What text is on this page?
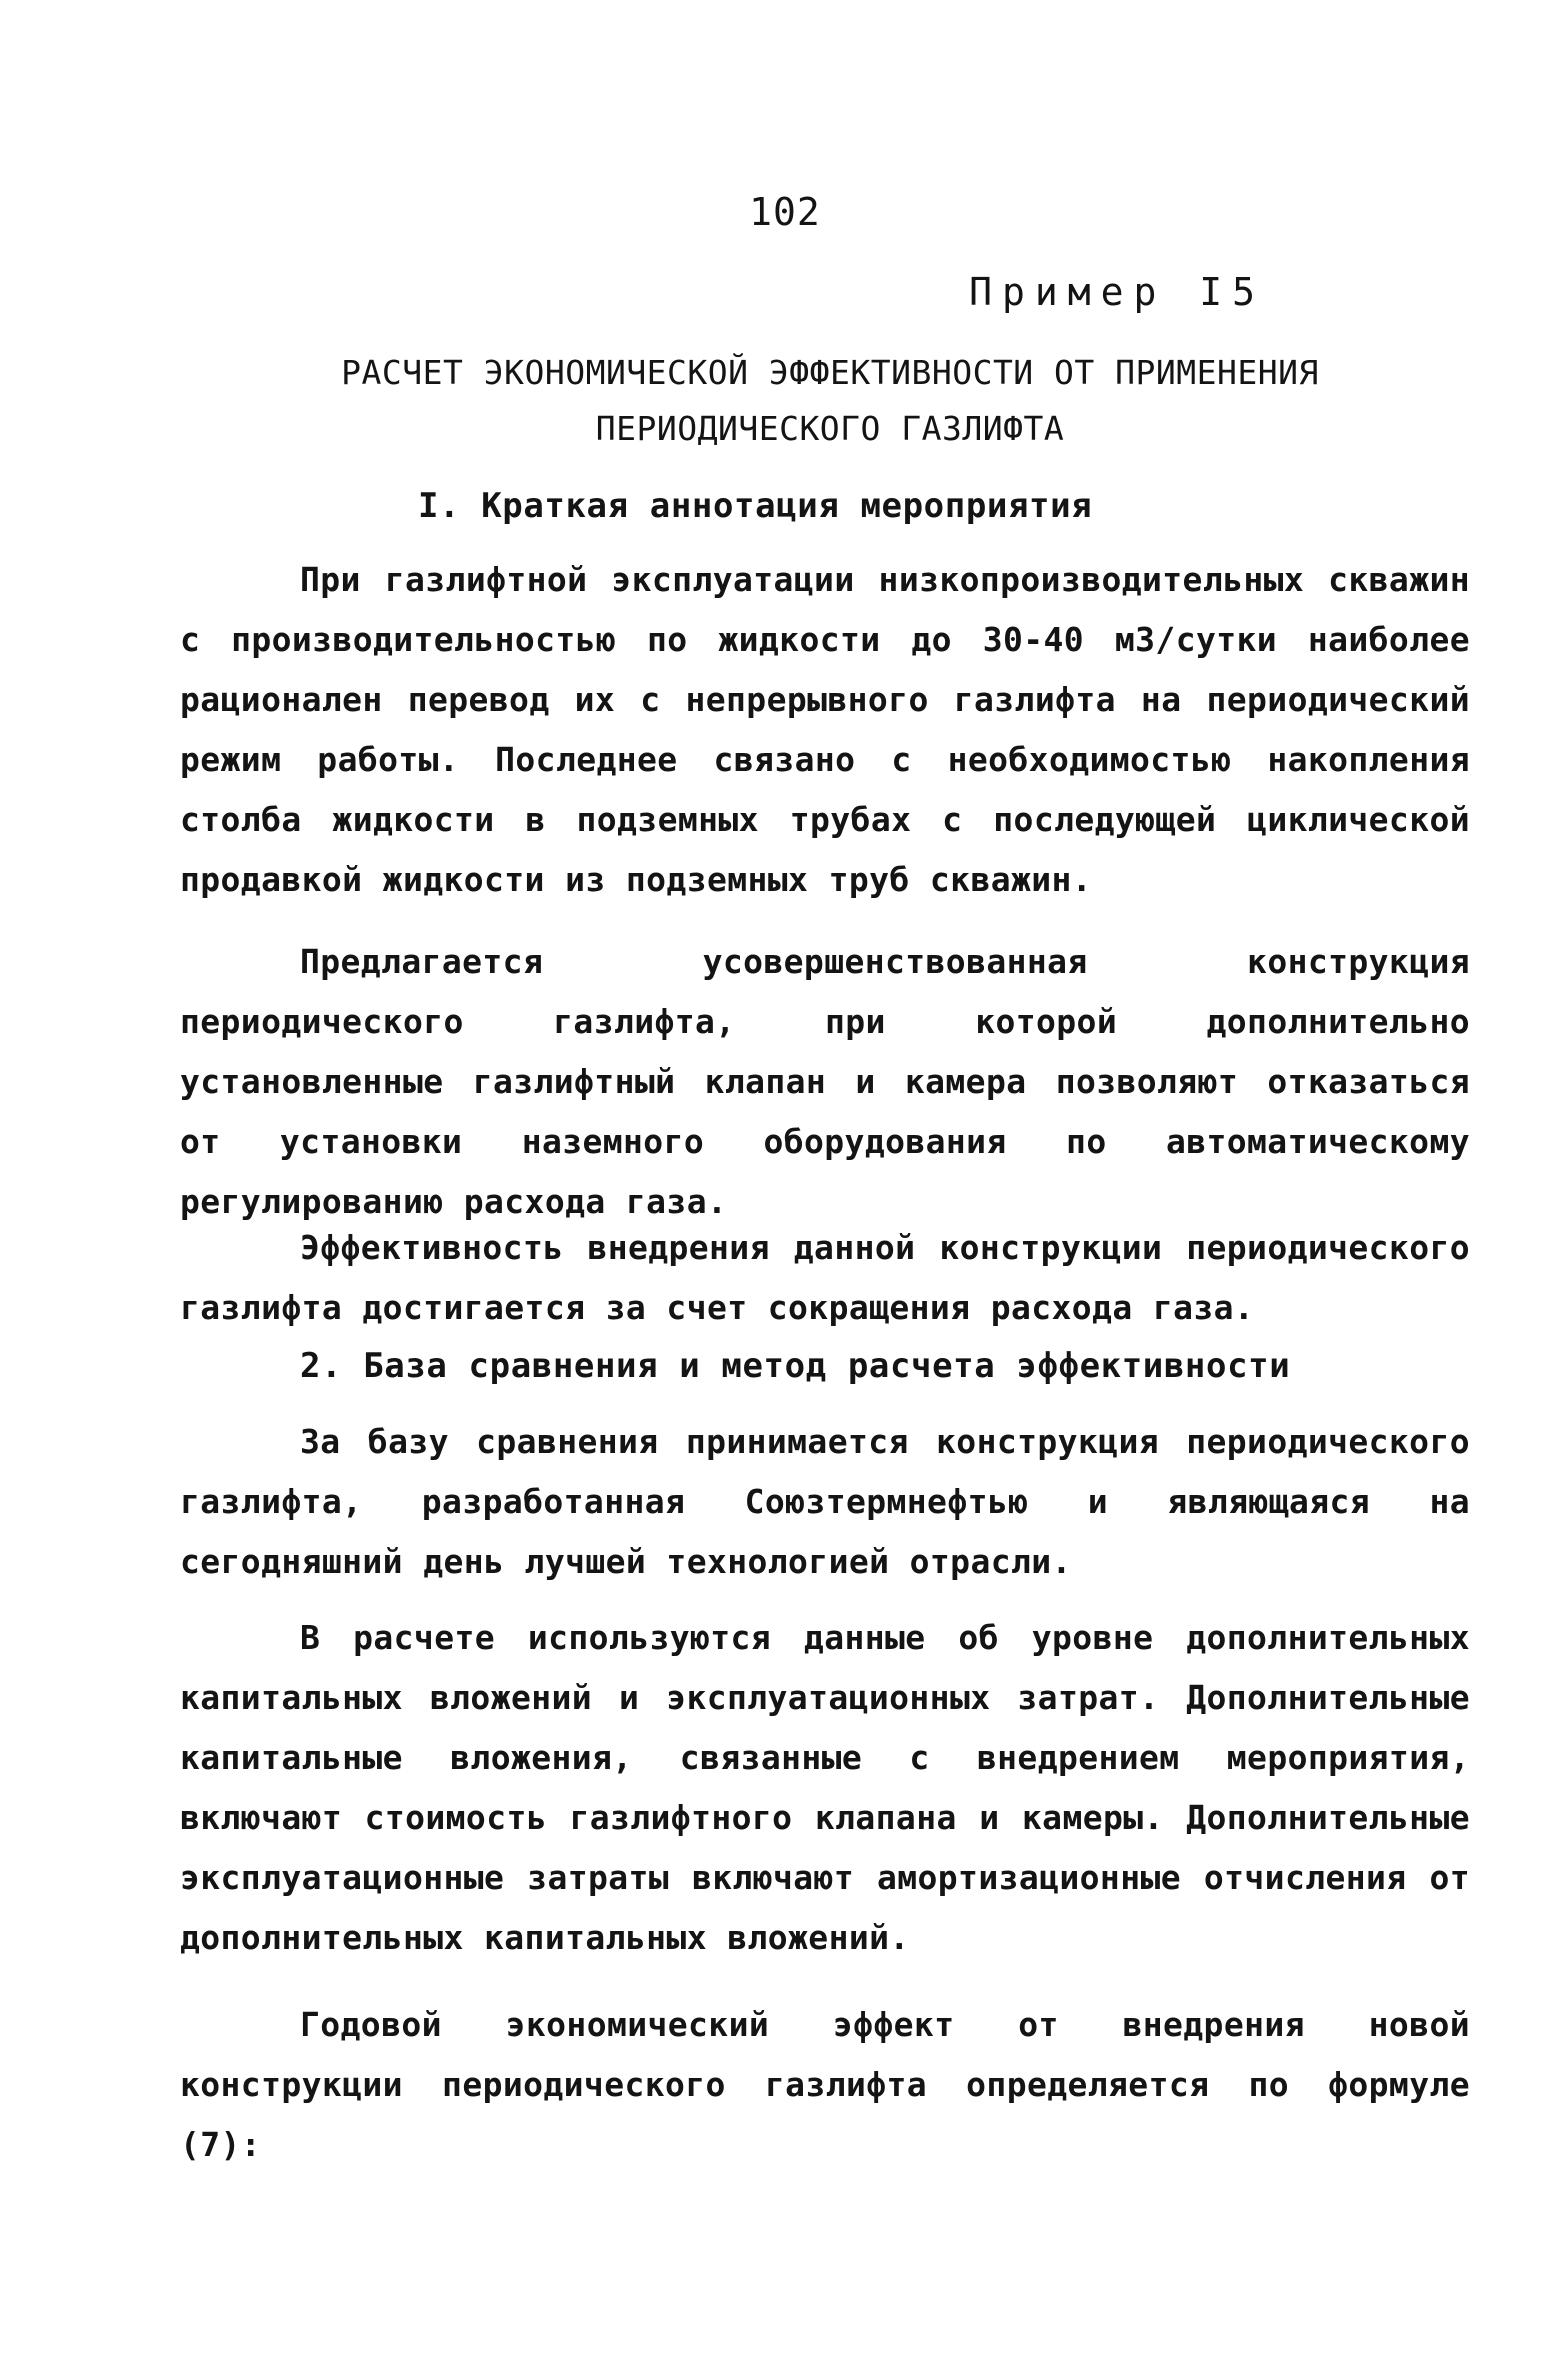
102
Пример I5
РАСЧЕТ ЭКОНОМИЧЕСКОЙ ЭФФЕКТИВНОСТИ ОТ ПРИМЕНЕНИЯ
ПЕРИОДИЧЕСКОГО ГАЗЛИФТА
I. Краткая аннотация мероприятия

При газлифтной эксплуатации низкопроизводительных скважин с производительностью по жидкости до 30-40 м3/сутки наиболее рационален перевод их с непрерывного газлифта на периодический режим работы. Последнее связано с необходимостью накопления столба жидкости в подземных трубах с последующей циклической продавкой жидкости из подземных труб скважин.

Предлагается усовершенствованная конструкция периодического газлифта, при которой дополнительно установленные газлифтный клапан и камера позволяют отказаться от установки наземного оборудования по автоматическому регулированию расхода газа.

Эффективность внедрения данной конструкции периодического газлифта достигается за счет сокращения расхода газа.

2. База сравнения и метод расчета эффективности

За базу сравнения принимается конструкция периодического газлифта, разработанная Союзтермнефтью и являющаяся на сегодняшний день лучшей технологией отрасли.

В расчете используются данные об уровне дополнительных капитальных вложений и эксплуатационных затрат. Дополнительные капитальные вложения, связанные с внедрением мероприятия, включают стоимость газлифтного клапана и камеры. Дополнительные эксплуатационные затраты включают амортизационные отчисления от дополнительных капитальных вложений.

Годовой экономический эффект от внедрения новой конструкции периодического газлифта определяется по формуле (7):
